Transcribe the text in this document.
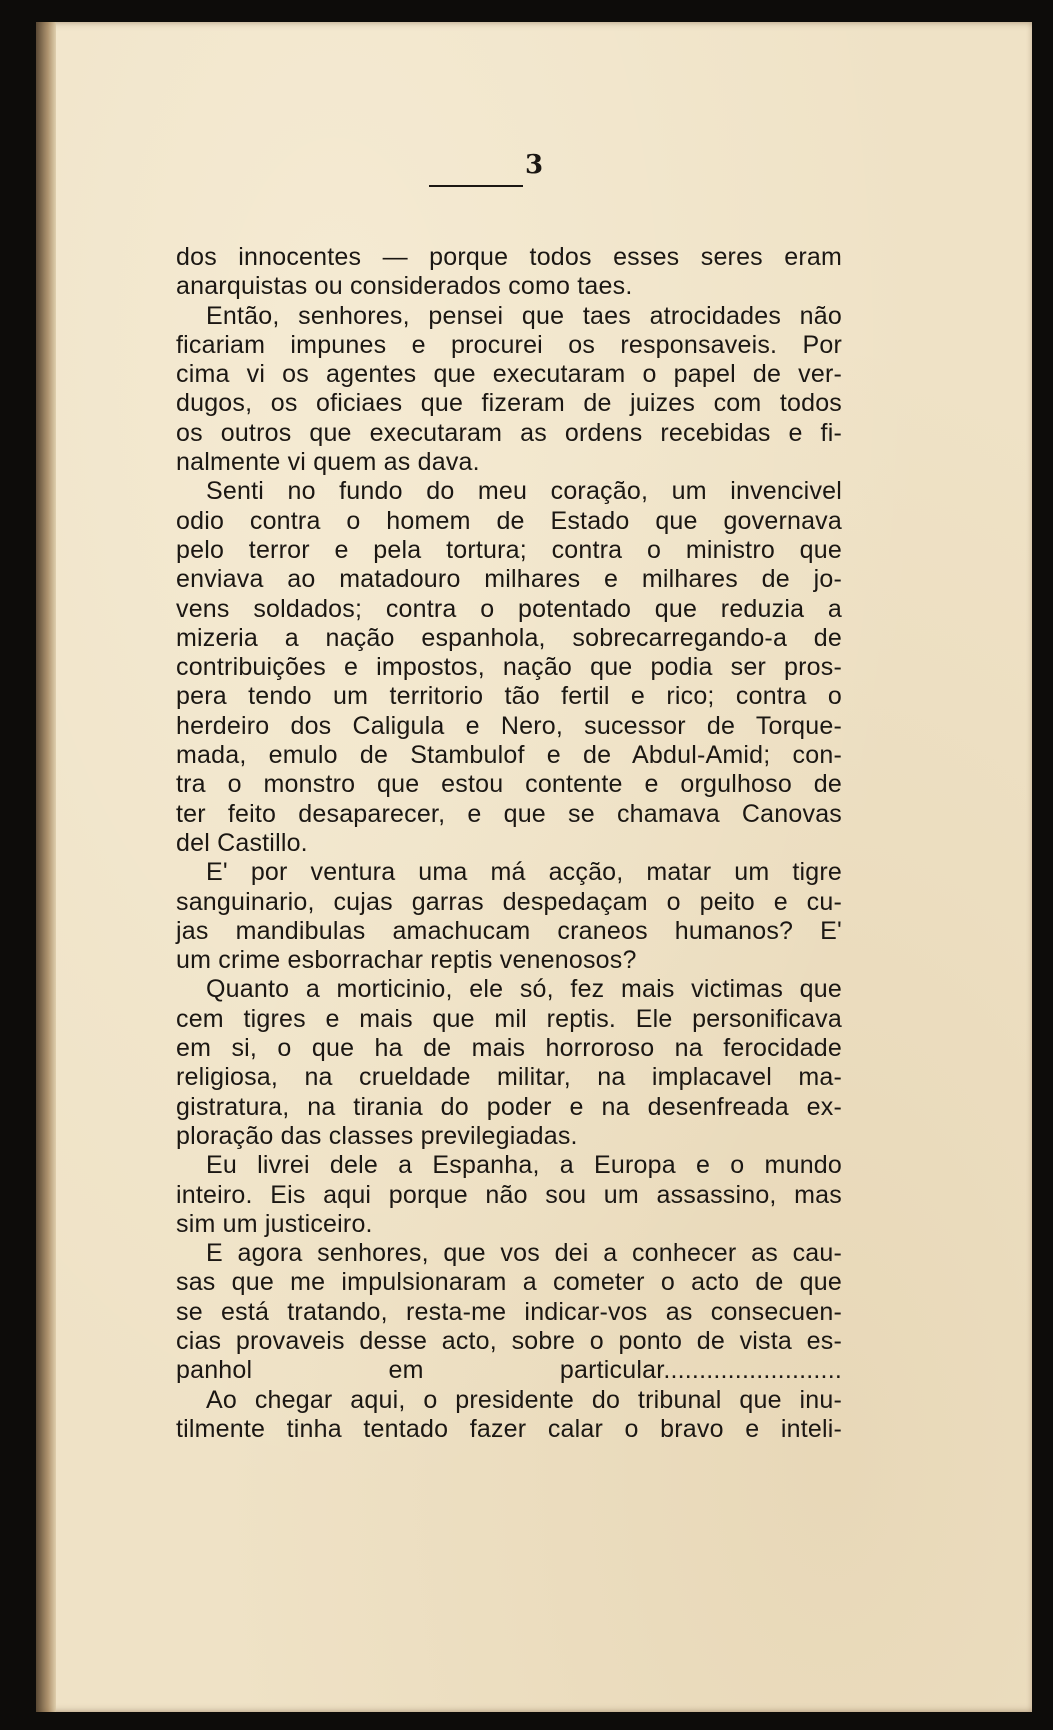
3

dos innocentes — porque todos esses seres eram

anarquistas ou considerados como taes.

Então, senhores, pensei que taes atrocidades não

ficariam impunes e procurei os responsaveis. Por

cima vi os agentes que executaram o papel de ver-

dugos, os oficiaes que fizeram de juizes com todos

os outros que executaram as ordens recebidas e fi-

nalmente vi quem as dava.

Senti no fundo do meu coração, um invencivel

odio contra o homem de Estado que governava

pelo terror e pela tortura; contra o ministro que

enviava ao matadouro milhares e milhares de jo-

vens soldados; contra o potentado que reduzia a

mizeria a nação espanhola, sobrecarregando-a de

contribuições e impostos, nação que podia ser pros-

pera tendo um territorio tão fertil e rico; contra o

herdeiro dos Caligula e Nero, sucessor de Torque-

mada, emulo de Stambulof e de Abdul-Amid; con-

tra o monstro que estou contente e orgulhoso de

ter feito desaparecer, e que se chamava Canovas

del Castillo.

E' por ventura uma má acção, matar um tigre

sanguinario, cujas garras despedaçam o peito e cu-

jas mandibulas amachucam craneos humanos? E'

um crime esborrachar reptis venenosos?

Quanto a morticinio, ele só, fez mais victimas que

cem tigres e mais que mil reptis. Ele personificava

em si, o que ha de mais horroroso na ferocidade

religiosa, na crueldade militar, na implacavel ma-

gistratura, na tirania do poder e na desenfreada ex-

ploração das classes previlegiadas.

Eu livrei dele a Espanha, a Europa e o mundo

inteiro. Eis aqui porque não sou um assassino, mas

sim um justiceiro.

E agora senhores, que vos dei a conhecer as cau-

sas que me impulsionaram a cometer o acto de que

se está tratando, resta-me indicar-vos as consecuen-

cias provaveis desse acto, sobre o ponto de vista es-

panhol em particular.........................

Ao chegar aqui, o presidente do tribunal que inu-

tilmente tinha tentado fazer calar o bravo e inteli-
